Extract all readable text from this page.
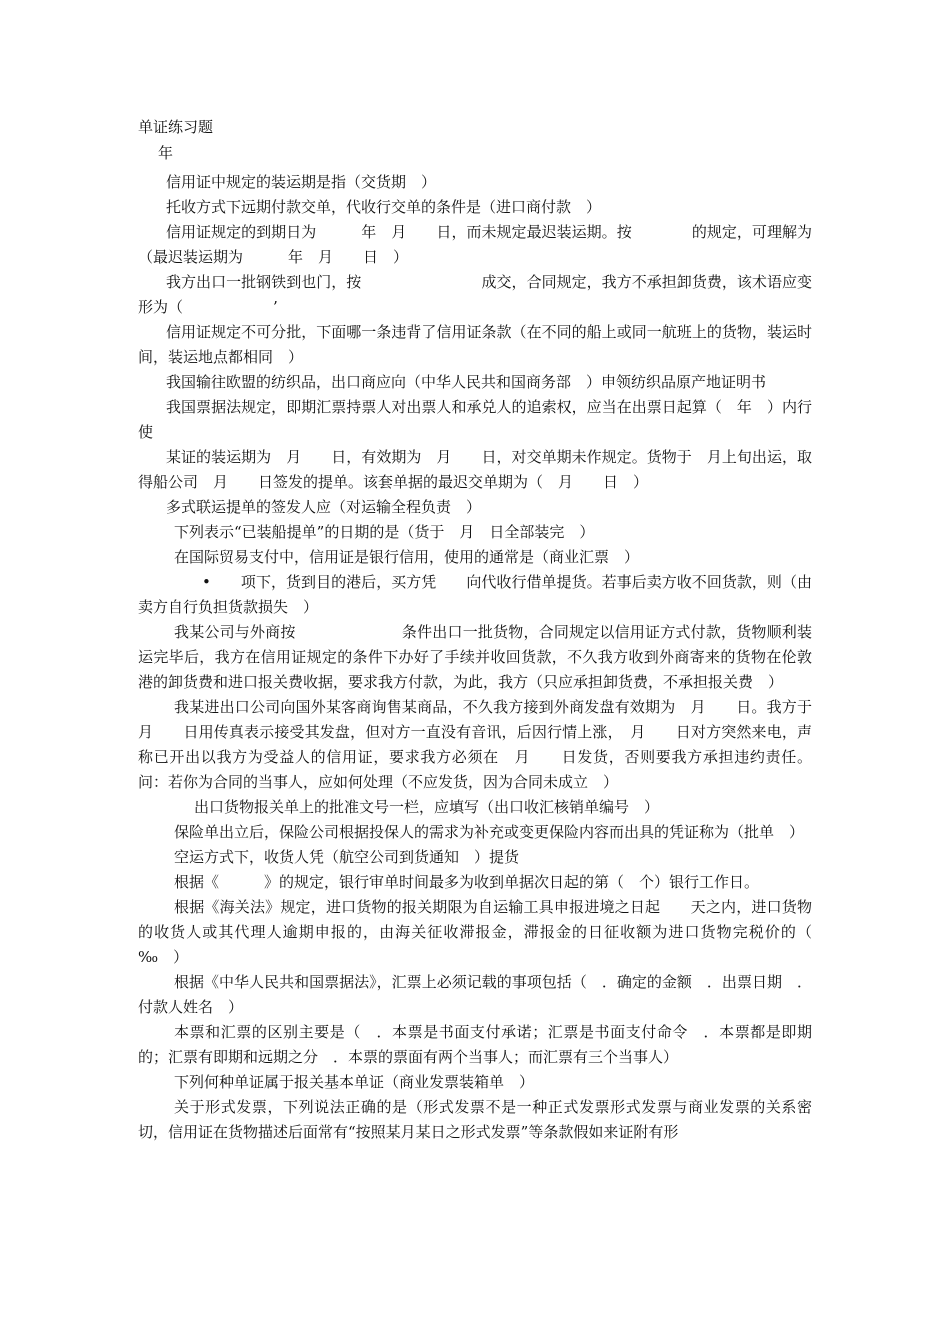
单证练习题
年

信用证中规定的装运期是指（交货期　）

托收方式下远期付款交单，代收行交单的条件是（进口商付款　）

信用证规定的到期日为　　　年　月　　日，而未规定最迟装运期。按　　　　的规定，可理解为（最迟装运期为　　　年　月　　日　）

我方出口一批钢铁到也门，按　　　　　　　　成交，合同规定，我方不承担卸货费，该术语应变形为（　　　　　　’

信用证规定不可分批，下面哪一条违背了信用证条款（在不同的船上或同一航班上的货物，装运时间，装运地点都相同　）

我国输往欧盟的纺织品，出口商应向（中华人民共和国商务部　）申领纺织品原产地证明书

我国票据法规定，即期汇票持票人对出票人和承兑人的追索权，应当在出票日起算（　年　）内行使

某证的装运期为　月　　日，有效期为　月　　日，对交单期未作规定。货物于　月上旬出运，取得船公司　月　　日签发的提单。该套单据的最迟交单期为（　月　　日　）

多式联运提单的签发人应（对运输全程负责　）

下列表示“已装船提单”的日期的是（货于　月　日全部装完　）

在国际贸易支付中，信用证是银行信用，使用的通常是（商业汇票　）

•　　项下，货到目的港后，买方凭　　向代收行借单提货。若事后卖方收不回货款，则（由卖方自行负担货款损失　）

我某公司与外商按　　　　　　　条件出口一批货物，合同规定以信用证方式付款，货物顺利装运完毕后，我方在信用证规定的条件下办好了手续并收回货款，不久我方收到外商寄来的货物在伦敦港的卸货费和进口报关费收据，要求我方付款，为此，我方（只应承担卸货费，不承担报关费　）

我某进出口公司向国外某客商询售某商品，不久我方接到外商发盘有效期为　月　　日。我方于　月　　日用传真表示接受其发盘，但对方一直没有音讯，后因行情上涨，　月　　日对方突然来电，声称已开出以我方为受益人的信用证，要求我方必须在　月　　日发货，否则要我方承担违约责任。问：若你为合同的当事人，应如何处理（不应发货，因为合同未成立　）

出口货物报关单上的批准文号一栏，应填写（出口收汇核销单编号　）

保险单出立后，保险公司根据投保人的需求为补充或变更保险内容而出具的凭证称为（批单　）

空运方式下，收货人凭（航空公司到货通知　）提货

根据《　　　》的规定，银行审单时间最多为收到单据次日起的第（　个）银行工作日。

根据《海关法》规定，进口货物的报关期限为自运输工具申报进境之日起　　天之内，进口货物的收货人或其代理人逾期申报的，由海关征收滞报金，滞报金的日征收额为进口货物完税价的（　　‰　）

根据《中华人民共和国票据法》，汇票上必须记载的事项包括（　．确定的金额　．出票日期　．付款人姓名　）

本票和汇票的区别主要是（　．本票是书面支付承诺；汇票是书面支付命令　．本票都是即期的；汇票有即期和远期之分　．本票的票面有两个当事人；而汇票有三个当事人）

下列何种单证属于报关基本单证（商业发票装箱单　）

关于形式发票，下列说法正确的是（形式发票不是一种正式发票形式发票与商业发票的关系密切，信用证在货物描述后面常有“按照某月某日之形式发票”等条款假如来证附有形
